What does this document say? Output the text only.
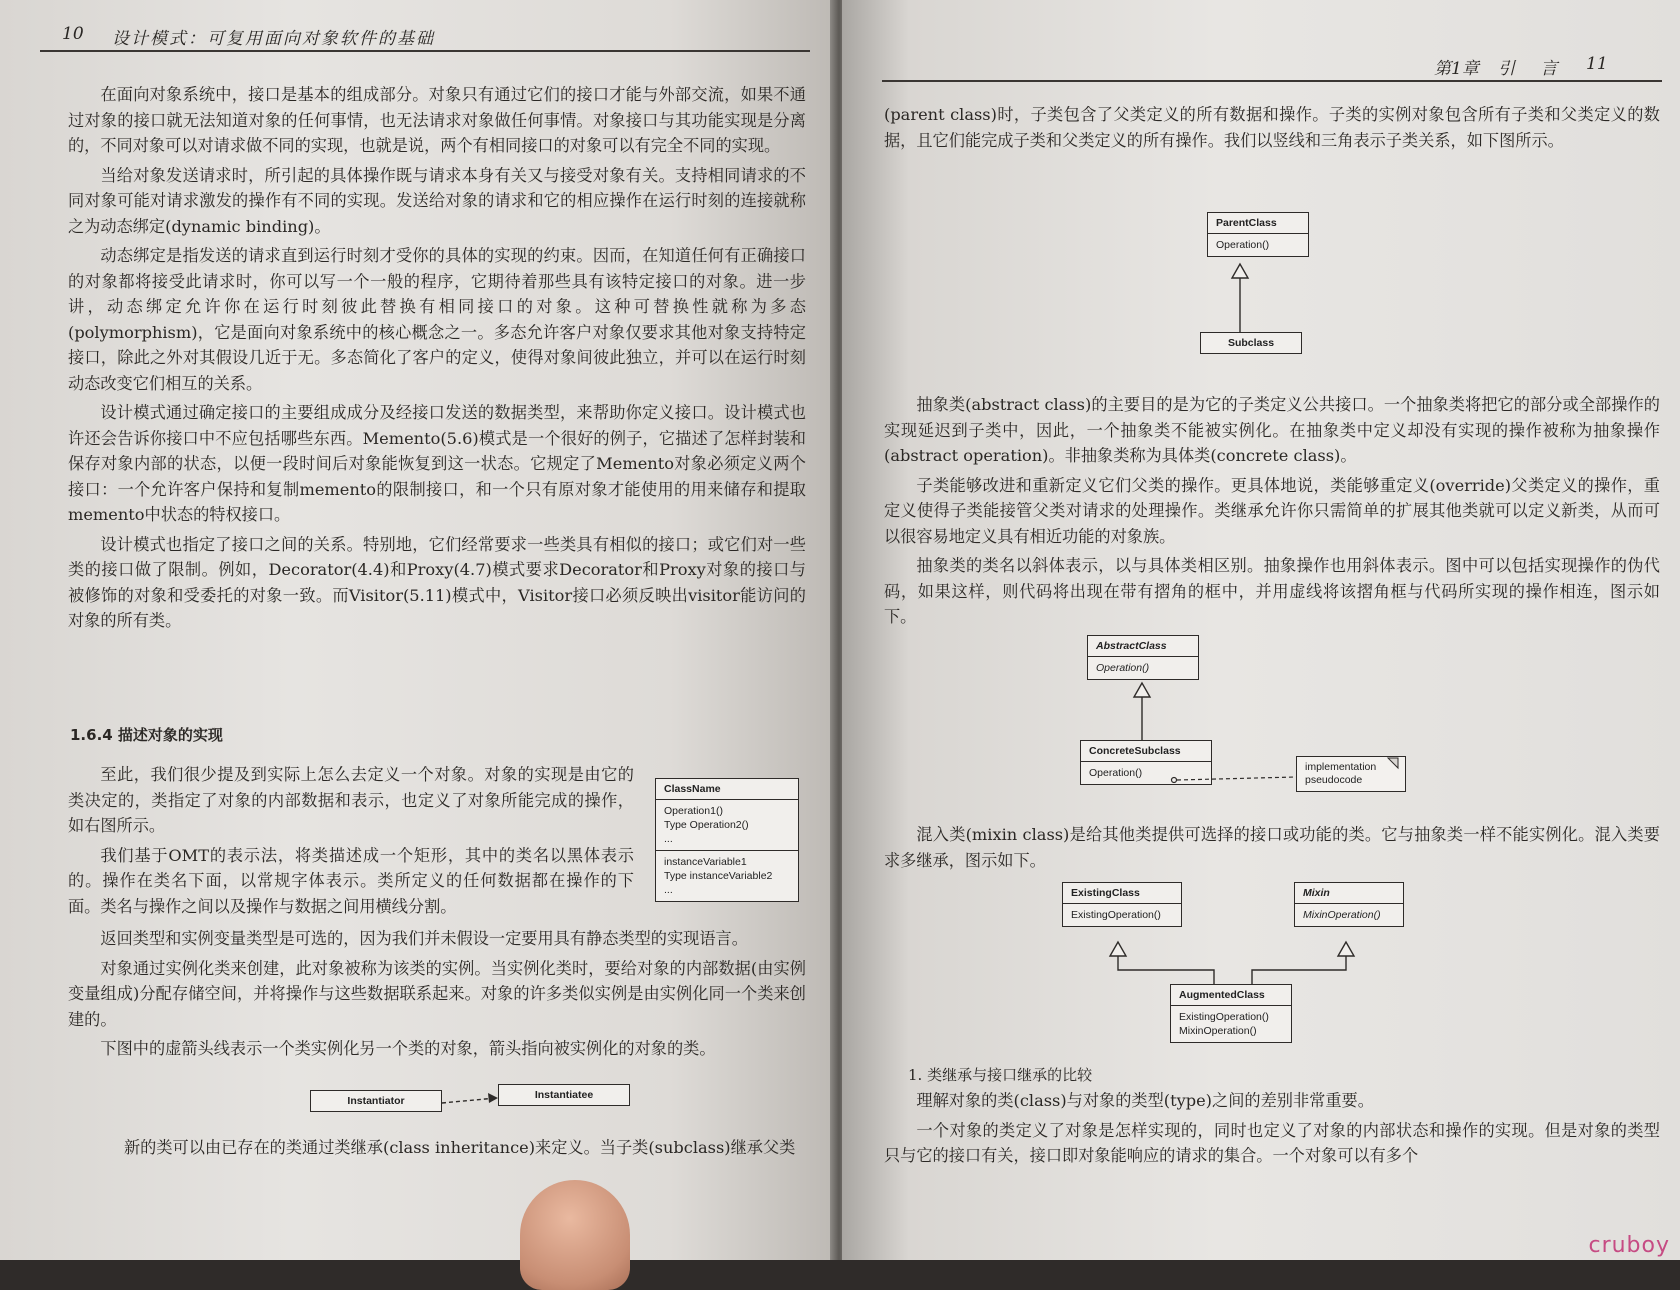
10 设计模式：可复用面向对象软件的基础

在面向对象系统中，接口是基本的组成部分。对象只有通过它们的接口才能与外部交流，如果不通过对象的接口就无法知道对象的任何事情，也无法请求对象做任何事情。对象接口与其功能实现是分离的，不同对象可以对请求做不同的实现，也就是说，两个有相同接口的对象可以有完全不同的实现。

当给对象发送请求时，所引起的具体操作既与请求本身有关又与接受对象有关。支持相同请求的不同对象可能对请求激发的操作有不同的实现。发送给对象的请求和它的相应操作在运行时刻的连接就称之为动态绑定(dynamic binding)。

动态绑定是指发送的请求直到运行时刻才受你的具体的实现的约束。因而，在知道任何有正确接口的对象都将接受此请求时，你可以写一个一般的程序，它期待着那些具有该特定接口的对象。进一步讲，动态绑定允许你在运行时刻彼此替换有相同接口的对象。这种可替换性就称为多态(polymorphism)，它是面向对象系统中的核心概念之一。多态允许客户对象仅要求其他对象支持特定接口，除此之外对其假设几近于无。多态简化了客户的定义，使得对象间彼此独立，并可以在运行时刻动态改变它们相互的关系。

设计模式通过确定接口的主要组成成分及经接口发送的数据类型，来帮助你定义接口。设计模式也许还会告诉你接口中不应包括哪些东西。Memento(5.6)模式是一个很好的例子，它描述了怎样封装和保存对象内部的状态，以便一段时间后对象能恢复到这一状态。它规定了Memento对象必须定义两个接口：一个允许客户保持和复制memento的限制接口，和一个只有原对象才能使用的用来储存和提取memento中状态的特权接口。

设计模式也指定了接口之间的关系。特别地，它们经常要求一些类具有相似的接口；或它们对一些类的接口做了限制。例如，Decorator(4.4)和Proxy(4.7)模式要求Decorator和Proxy对象的接口与被修饰的对象和受委托的对象一致。而Visitor(5.11)模式中，Visitor接口必须反映出visitor能访问的对象的所有类。

1.6.4 描述对象的实现

至此，我们很少提及到实际上怎么去定义一个对象。对象的实现是由它的类决定的，类指定了对象的内部数据和表示，也定义了对象所能完成的操作，如右图所示。

我们基于OMT的表示法，将类描述成一个矩形，其中的类名以黑体表示的。操作在类名下面，以常规字体表示。类所定义的任何数据都在操作的下面。类名与操作之间以及操作与数据之间用横线分割。

ClassName
Operation1()
Type Operation2()
...
instanceVariable1
Type instanceVariable2
...

返回类型和实例变量类型是可选的，因为我们并未假设一定要用具有静态类型的实现语言。

对象通过实例化类来创建，此对象被称为该类的实例。当实例化类时，要给对象的内部数据(由实例变量组成)分配存储空间，并将操作与这些数据联系起来。对象的许多类似实例是由实例化同一个类来创建的。

下图中的虚箭头线表示一个类实例化另一个类的对象，箭头指向被实例化的对象的类。

Instantiator	Instantiatee
新的类可以由已存在的类通过类继承(class inheritance)来定义。当子类(subclass)继承父类
第1章 引 言 11

(parent class)时，子类包含了父类定义的所有数据和操作。子类的实例对象包含所有子类和父类定义的数据，且它们能完成子类和父类定义的所有操作。我们以竖线和三角表示子类关系，如下图所示。

ParentClass
Operation()
Subclass
AbstractClass
Operation()
ConcreteSubclass
Operation()	implementation
pseudocode
ExistingClass
ExistingOperation()
Mixin
MixinOperation()
AugmentedClass
ExistingOperation()
MixinOperation()

抽象类(abstract class)的主要目的是为它的子类定义公共接口。一个抽象类将把它的部分或全部操作的实现延迟到子类中，因此，一个抽象类不能被实例化。在抽象类中定义却没有实现的操作被称为抽象操作(abstract operation)。非抽象类称为具体类(concrete class)。

子类能够改进和重新定义它们父类的操作。更具体地说，类能够重定义(override)父类定义的操作，重定义使得子类能接管父类对请求的处理操作。类继承允许你只需简单的扩展其他类就可以定义新类，从而可以很容易地定义具有相近功能的对象族。

抽象类的类名以斜体表示，以与具体类相区别。抽象操作也用斜体表示。图中可以包括实现操作的伪代码，如果这样，则代码将出现在带有摺角的框中，并用虚线将该摺角框与代码所实现的操作相连，图示如下。

混入类(mixin class)是给其他类提供可选择的接口或功能的类。它与抽象类一样不能实例化。混入类要求多继承，图示如下。

1. 类继承与接口继承的比较

理解对象的类(class)与对象的类型(type)之间的差别非常重要。

一个对象的类定义了对象是怎样实现的，同时也定义了对象的内部状态和操作的实现。但是对象的类型只与它的接口有关，接口即对象能响应的请求的集合。一个对象可以有多个

cruboy
